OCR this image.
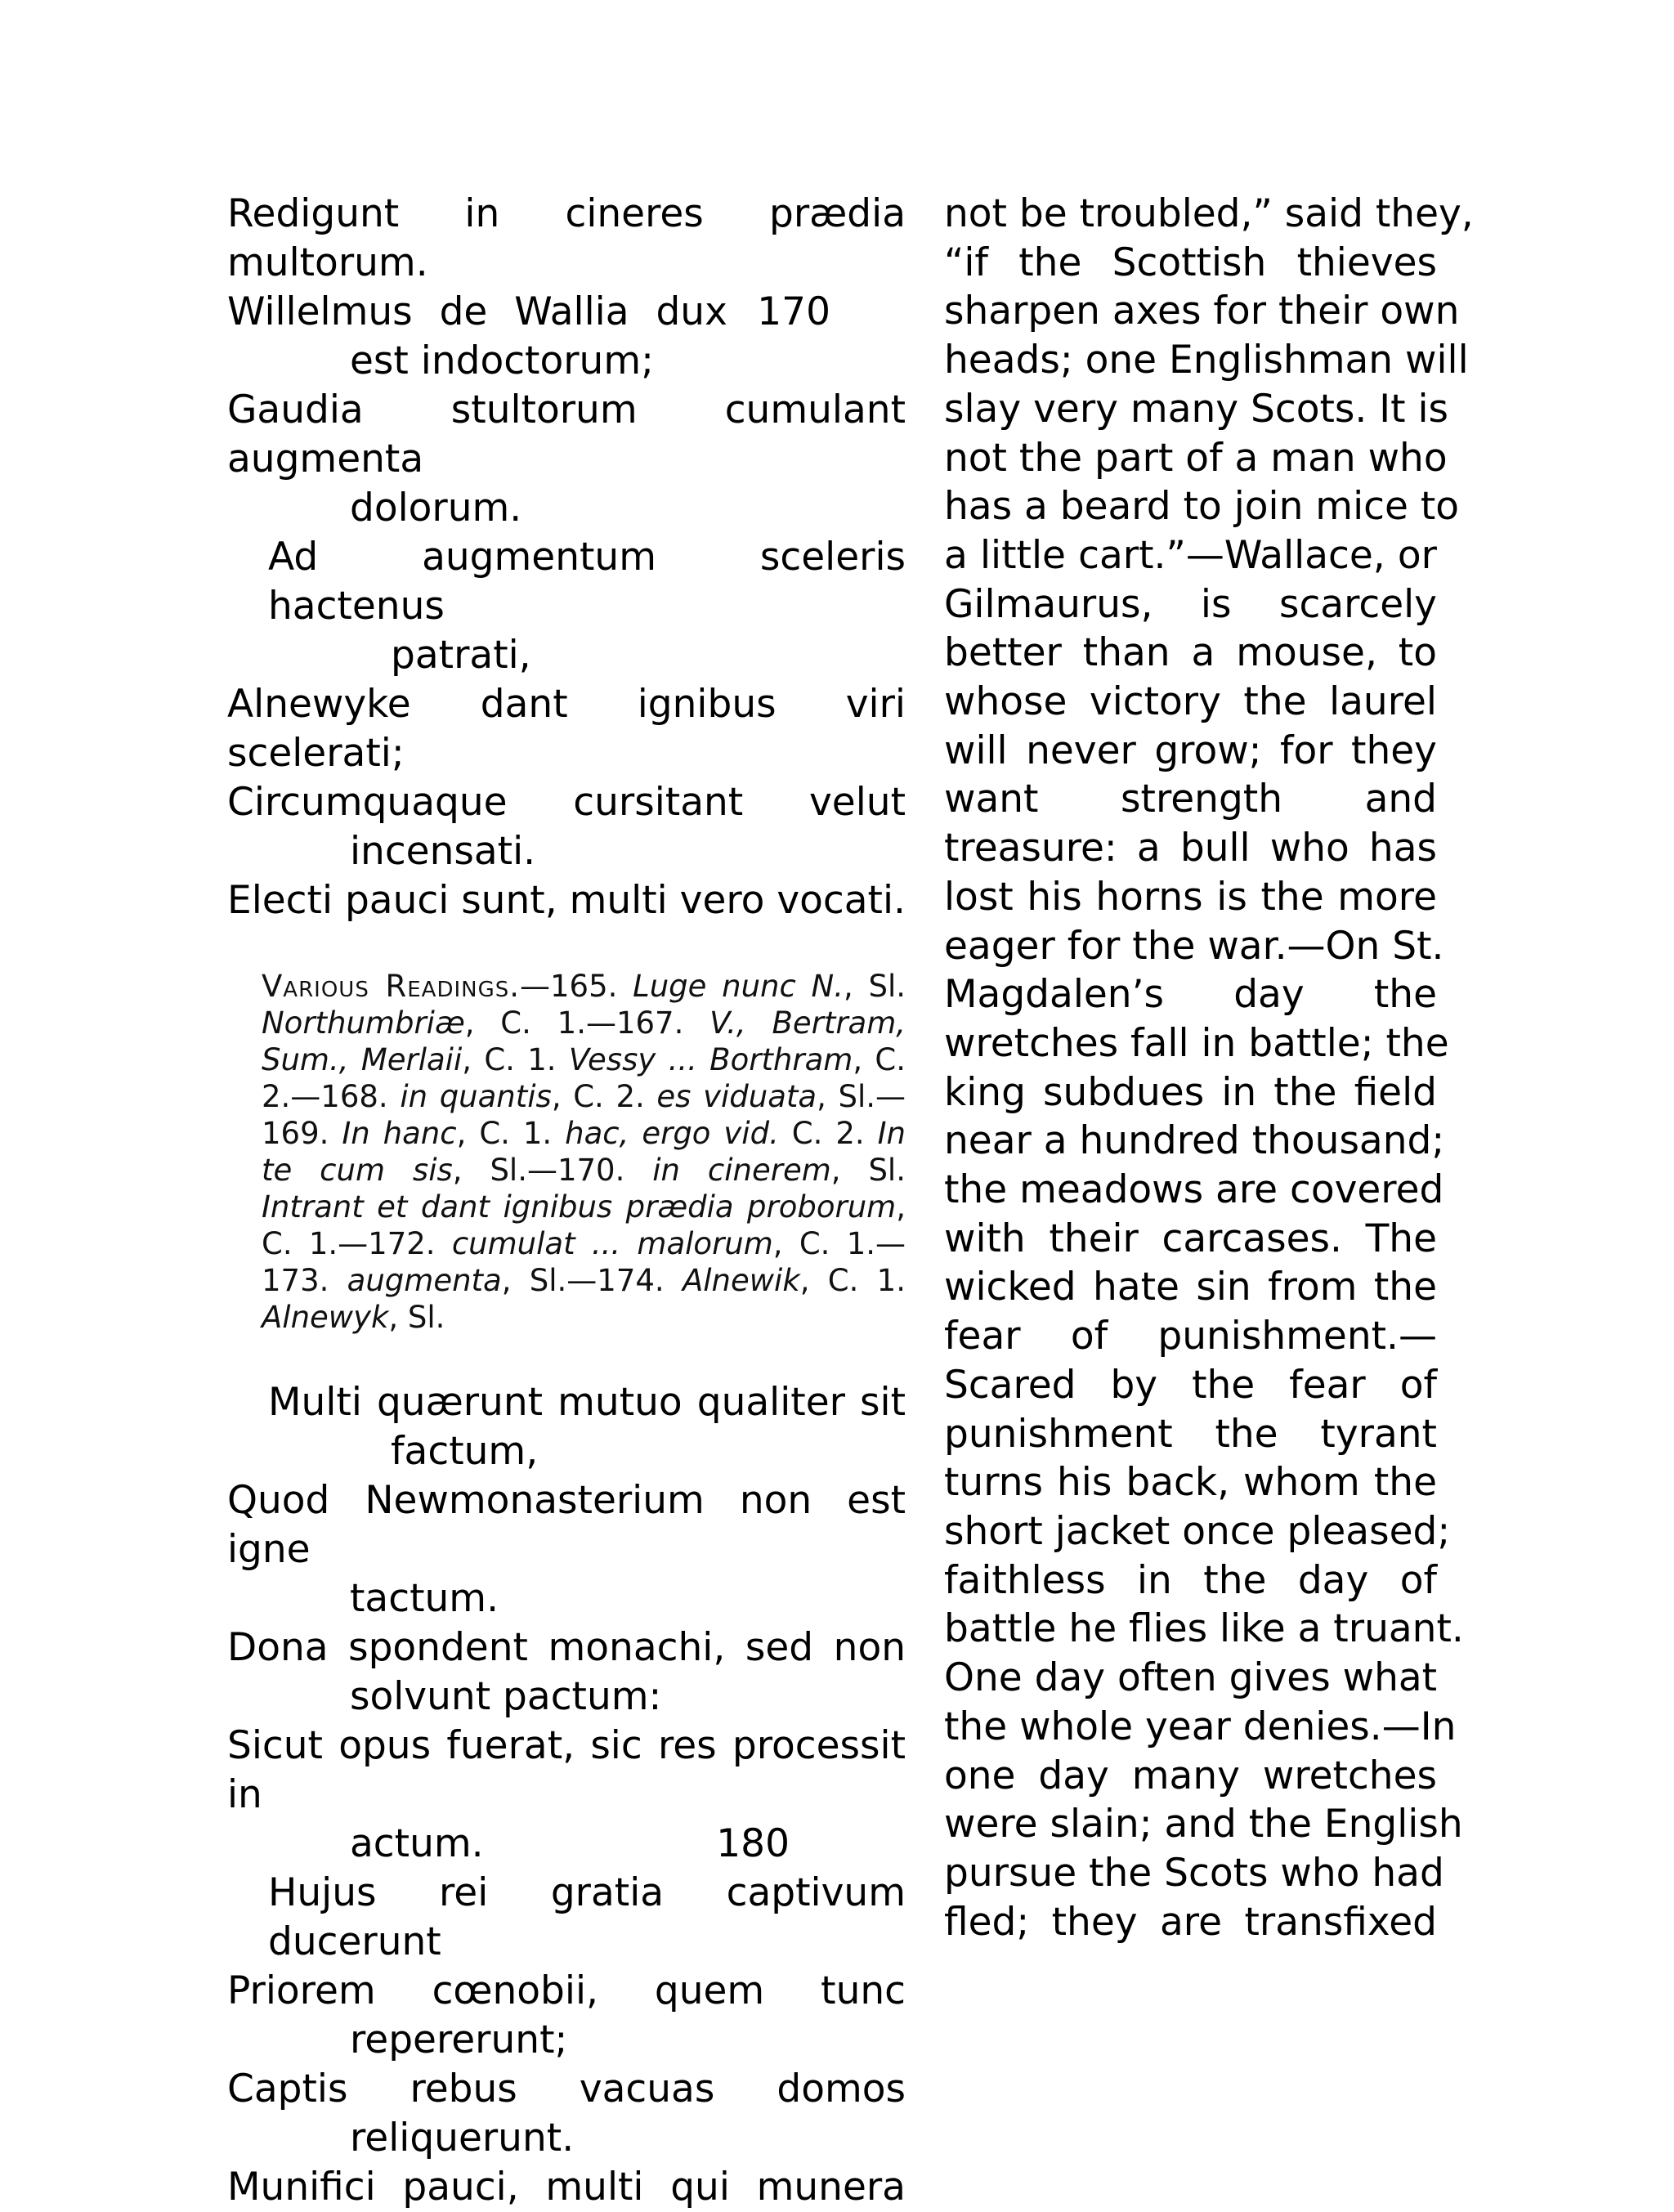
Redigunt in cineres prædia multorum.

Willelmus de Wallia dux 170

est indoctorum;

Gaudia stultorum cumulant augmenta

dolorum.

Ad augmentum sceleris hactenus

patrati,

Alnewyke dant ignibus viri scelerati;

Circumquaque cursitant velut

incensati.

Electi pauci sunt, multi vero vocati.

Various Readings.—165. Luge nunc N., Sl. Northumbriæ, C. 1.—167. V., Bertram, Sum., Merlaii, C. 1. Vessy ... Borthram, C. 2.—168. in quantis, C. 2. es viduata, Sl.—169. In hanc, C. 1. hac, ergo vid. C. 2. In te cum sis, Sl.—170. in cinerem, Sl. Intrant et dant ignibus prædia proborum, C. 1.—172. cumulat ... malorum, C. 1.—173. augmenta, Sl.—174. Alnewik, C. 1. Alnewyk, Sl.

Multi quærunt mutuo qualiter sit

factum,

Quod Newmonasterium non est igne

tactum.

Dona spondent monachi, sed non

solvunt pactum:

Sicut opus fuerat, sic res processit in

actum.	180

Hujus rei gratia captivum ducerunt

Priorem cœnobii, quem tunc

repererunt;

Captis rebus vacuas domos

reliquerunt.

Munifici pauci, multi qui munera

not be troubled,” said they,
“if the Scottish thieves
sharpen axes for their own
heads; one Englishman will
slay very many Scots. It is
not the part of a man who
has a beard to join mice to
a little cart.”—Wallace, or
Gilmaurus, is scarcely
better than a mouse, to
whose victory the laurel
will never grow; for they
want strength and
treasure: a bull who has
lost his horns is the more
eager for the war.—On St.
Magdalen’s day the
wretches fall in battle; the
king subdues in the field
near a hundred thousand;
the meadows are covered
with their carcases. The
wicked hate sin from the
fear of punishment.—
Scared by the fear of
punishment the tyrant
turns his back, whom the
short jacket once pleased;
faithless in the day of
battle he flies like a truant.
One day often gives what
the whole year denies.—In
one day many wretches
were slain; and the English
pursue the Scots who had
fled; they are transfixed
